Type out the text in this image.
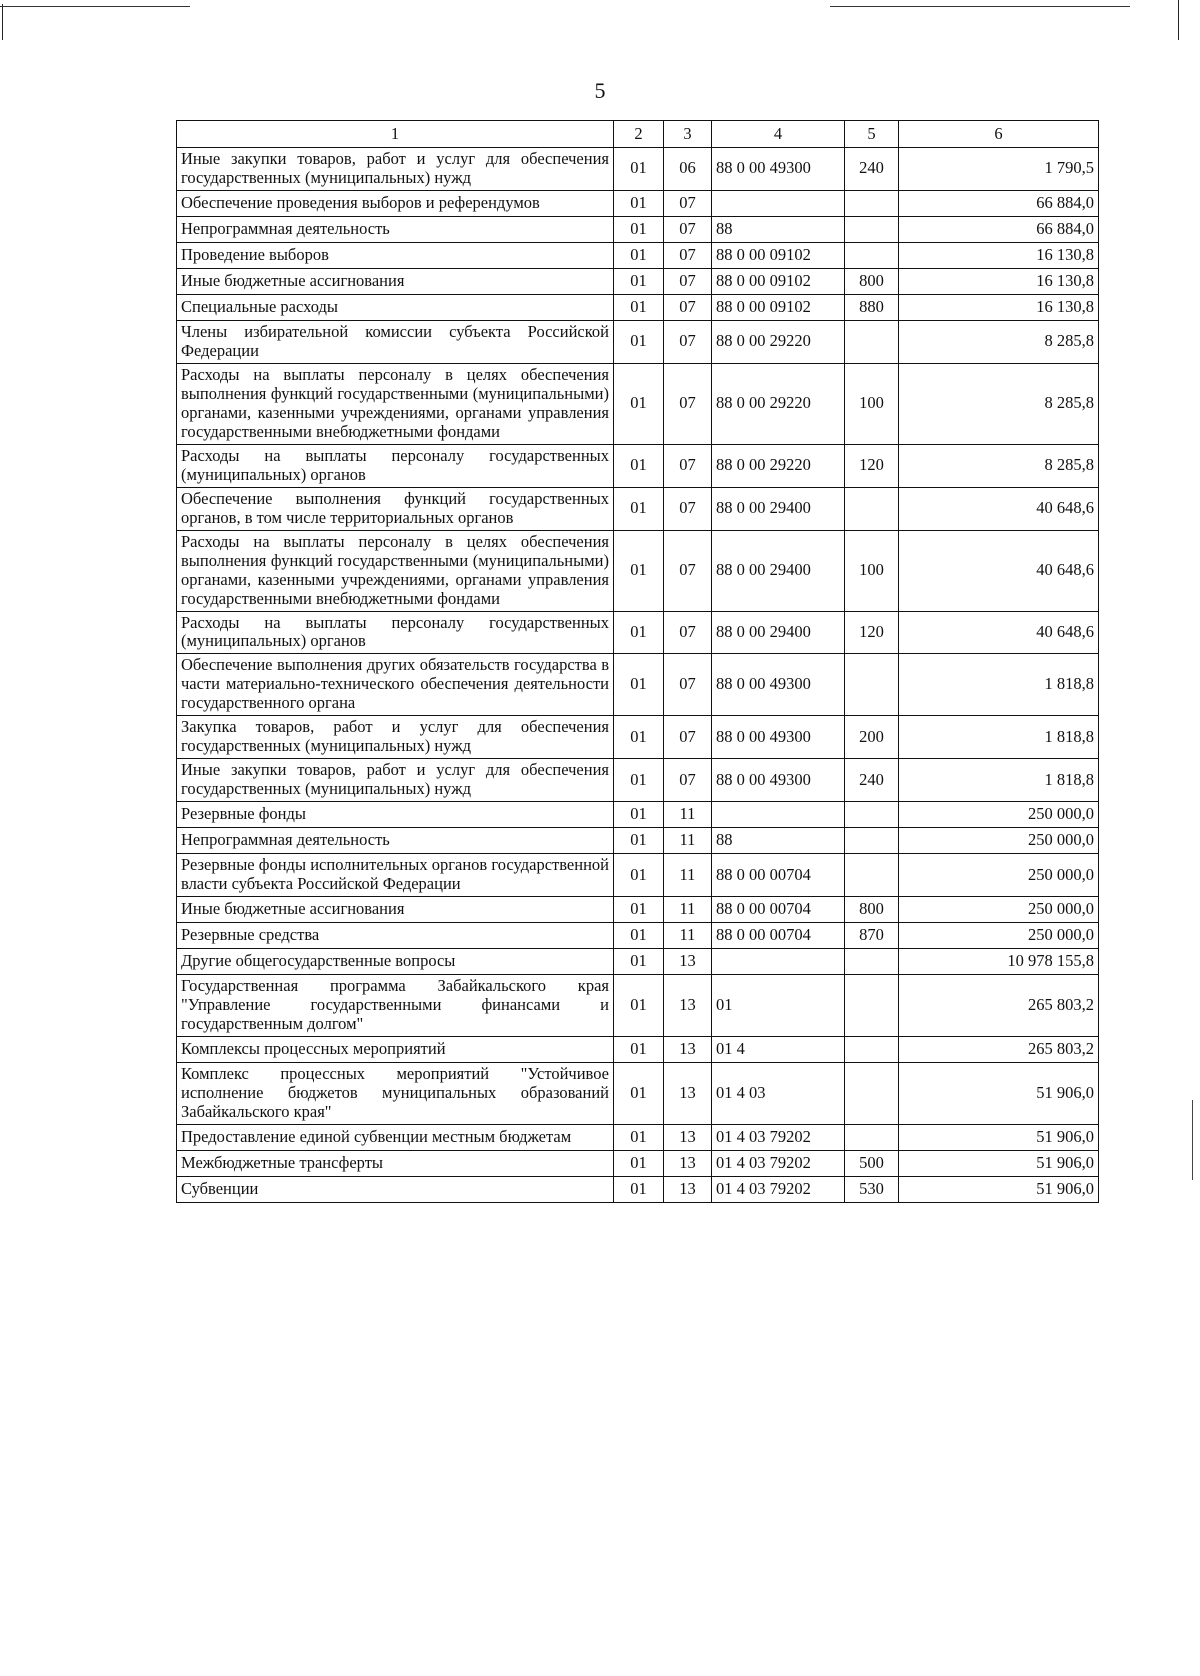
5
1	2	3	4	5	6
Иные закупки товаров, работ и услуг для обеспечения государственных (муниципальных) нужд	01	06	88 0 00 49300	240	1 790,5
Обеспечение проведения выборов и референдумов	01	07			66 884,0
Непрограммная деятельность	01	07	88		66 884,0
Проведение выборов	01	07	88 0 00 09102		16 130,8
Иные бюджетные ассигнования	01	07	88 0 00 09102	800	16 130,8
Специальные расходы	01	07	88 0 00 09102	880	16 130,8
Члены избирательной комиссии субъекта Российской Федерации	01	07	88 0 00 29220		8 285,8
Расходы на выплаты персоналу в целях обеспечения выполнения функций государственными (муниципальными) органами, казенными учреждениями, органами управления государственными внебюджетными фондами	01	07	88 0 00 29220	100	8 285,8
Расходы на выплаты персоналу государственных (муниципальных) органов	01	07	88 0 00 29220	120	8 285,8
Обеспечение выполнения функций государственных органов, в том числе территориальных органов	01	07	88 0 00 29400		40 648,6
Расходы на выплаты персоналу в целях обеспечения выполнения функций государственными (муниципальными) органами, казенными учреждениями, органами управления государственными внебюджетными фондами	01	07	88 0 00 29400	100	40 648,6
Расходы на выплаты персоналу государственных (муниципальных) органов	01	07	88 0 00 29400	120	40 648,6
Обеспечение выполнения других обязательств государства в части материально-технического обеспечения деятельности государственного органа	01	07	88 0 00 49300		1 818,8
Закупка товаров, работ и услуг для обеспечения государственных (муниципальных) нужд	01	07	88 0 00 49300	200	1 818,8
Иные закупки товаров, работ и услуг для обеспечения государственных (муниципальных) нужд	01	07	88 0 00 49300	240	1 818,8
Резервные фонды	01	11			250 000,0
Непрограммная деятельность	01	11	88		250 000,0
Резервные фонды исполнительных органов государственной власти субъекта Российской Федерации	01	11	88 0 00 00704		250 000,0
Иные бюджетные ассигнования	01	11	88 0 00 00704	800	250 000,0
Резервные средства	01	11	88 0 00 00704	870	250 000,0
Другие общегосударственные вопросы	01	13			10 978 155,8
Государственная программа Забайкальского края "Управление государственными финансами и государственным долгом"	01	13	01		265 803,2
Комплексы процессных мероприятий	01	13	01 4		265 803,2
Комплекс процессных мероприятий "Устойчивое исполнение бюджетов муниципальных образований Забайкальского края"	01	13	01 4 03		51 906,0
Предоставление единой субвенции местным бюджетам	01	13	01 4 03 79202		51 906,0
Межбюджетные трансферты	01	13	01 4 03 79202	500	51 906,0
Субвенции	01	13	01 4 03 79202	530	51 906,0
